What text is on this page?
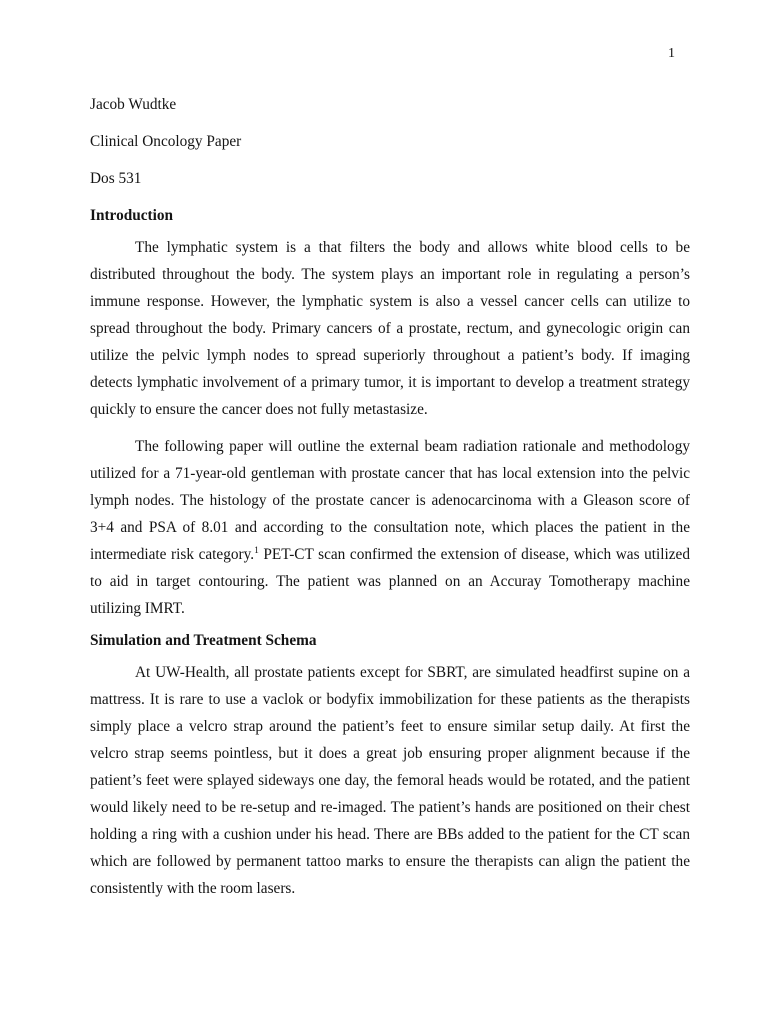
1
Jacob Wudtke
Clinical Oncology Paper
Dos 531
Introduction
The lymphatic system is a that filters the body and allows white blood cells to be
distributed throughout the body. The system plays an important role in regulating a person’s
immune response. However, the lymphatic system is also a vessel cancer cells can utilize to
spread throughout the body. Primary cancers of a prostate, rectum, and gynecologic origin can
utilize the pelvic lymph nodes to spread superiorly throughout a patient’s body. If imaging
detects lymphatic involvement of a primary tumor, it is important to develop a treatment strategy
quickly to ensure the cancer does not fully metastasize.
The following paper will outline the external beam radiation rationale and methodology
utilized for a 71-year-old gentleman with prostate cancer that has local extension into the pelvic
lymph nodes. The histology of the prostate cancer is adenocarcinoma with a Gleason score of
3+4 and PSA of 8.01 and according to the consultation note, which places the patient in the
intermediate risk category.$^1$ PET-CT scan confirmed the extension of disease, which was utilized
to aid in target contouring. The patient was planned on an Accuray Tomotherapy machine
utilizing IMRT.
Simulation and Treatment Schema
At UW-Health, all prostate patients except for SBRT, are simulated headfirst supine on a
mattress. It is rare to use a vaclok or bodyfix immobilization for these patients as the therapists
simply place a velcro strap around the patient’s feet to ensure similar setup daily. At first the
velcro strap seems pointless, but it does a great job ensuring proper alignment because if the
patient’s feet were splayed sideways one day, the femoral heads would be rotated, and the patient
would likely need to be re-setup and re-imaged. The patient’s hands are positioned on their chest
holding a ring with a cushion under his head. There are BBs added to the patient for the CT scan
which are followed by permanent tattoo marks to ensure the therapists can align the patient the
consistently with the room lasers.
